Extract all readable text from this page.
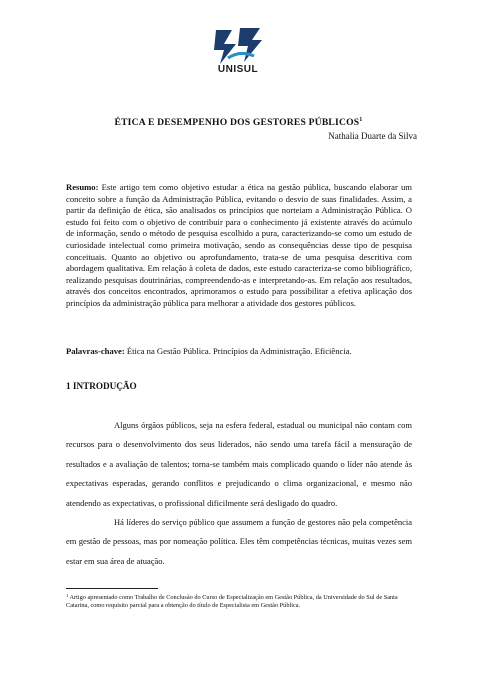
UNISUL
ÉTICA E DESEMPENHO DOS GESTORES PÚBLICOS$^1$
Nathalia Duarte da Silva
Resumo: Este artigo tem como objetivo estudar a ética na gestão pública, buscando elaborar um conceito sobre a função da Administração Pública, evitando o desvio de suas finalidades. Assim, a partir da definição de ética, são analisados os princípios que norteiam a Administração Pública. O estudo foi feito com o objetivo de contribuir para o conhecimento já existente através do acúmulo de informação, sendo o método de pesquisa escolhido a pura, caracterizando-se como um estudo de curiosidade intelectual como primeira motivação, sendo as consequências desse tipo de pesquisa conceituais. Quanto ao objetivo ou aprofundamento, trata-se de uma pesquisa descritiva com abordagem qualitativa. Em relação à coleta de dados, este estudo caracteriza-se como bibliográfico, realizando pesquisas doutrinárias, compreendendo-as e interpretando-as. Em relação aos resultados, através dos conceitos encontrados, aprimoramos o estudo para possibilitar a efetiva aplicação dos princípios da administração pública para melhorar a atividade dos gestores públicos.
Palavras-chave: Ética na Gestão Pública. Princípios da Administração. Eficiência.
1 INTRODUÇÃO

Alguns órgãos públicos, seja na esfera federal, estadual ou municipal não contam com recursos para o desenvolvimento dos seus liderados, não sendo uma tarefa fácil a mensuração de resultados e a avaliação de talentos; torna-se também mais complicado quando o líder não atende às expectativas esperadas, gerando conflitos e prejudicando o clima organizacional, e mesmo não atendendo as expectativas, o profissional dificilmente será desligado do quadro.

Há líderes do serviço público que assumem a função de gestores não pela competência em gestão de pessoas, mas por nomeação política. Eles têm competências técnicas, muitas vezes sem estar em sua área de atuação.

$^1$ Artigo apresentado como Trabalho de Conclusão do Curso de Especialização em Gestão Pública, da Universidade do Sul de Santa Catarina, como requisito parcial para a obtenção do título de Especialista em Gestão Pública.
